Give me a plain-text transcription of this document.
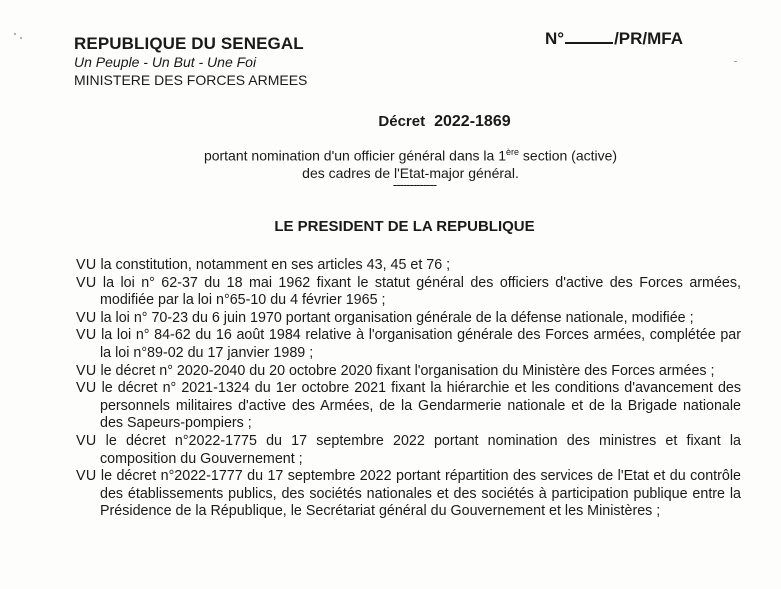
REPUBLIQUE DU SENEGAL
Un Peuple - Un But - Une Foi
MINISTERE DES FORCES ARMEES
N°	/PR/MFA
Décret 2022-1869
portant nomination d'un officier général dans la 1ère section (active)
des cadres de l'Etat-major général.
-------------
LE PRESIDENT DE LA REPUBLIQUE
VU la constitution, notamment en ses articles 43, 45 et 76 ;
VU la loi n° 62-37 du 18 mai 1962 fixant le statut général des officiers d'active des Forces armées, modifiée par la loi n°65-10 du 4 février 1965 ;
VU la loi n° 70-23 du 6 juin 1970 portant organisation générale de la défense nationale, modifiée ;
VU la loi n° 84-62 du 16 août 1984 relative à l'organisation générale des Forces armées, complétée par la loi n°89-02 du 17 janvier 1989 ;
VU le décret n° 2020-2040 du 20 octobre 2020 fixant l'organisation du Ministère des Forces armées ;
VU le décret n° 2021-1324 du 1er octobre 2021 fixant la hiérarchie et les conditions d'avancement des personnels militaires d'active des Armées, de la Gendarmerie nationale et de la Brigade nationale des Sapeurs-pompiers ;
VU le décret n°2022-1775 du 17 septembre 2022 portant nomination des ministres et fixant la composition du Gouvernement ;
VU le décret n°2022-1777 du 17 septembre 2022 portant répartition des services de l'Etat et du contrôle des établissements publics, des sociétés nationales et des sociétés à participation publique entre la Présidence de la République, le Secrétariat général du Gouvernement et les Ministères ;
